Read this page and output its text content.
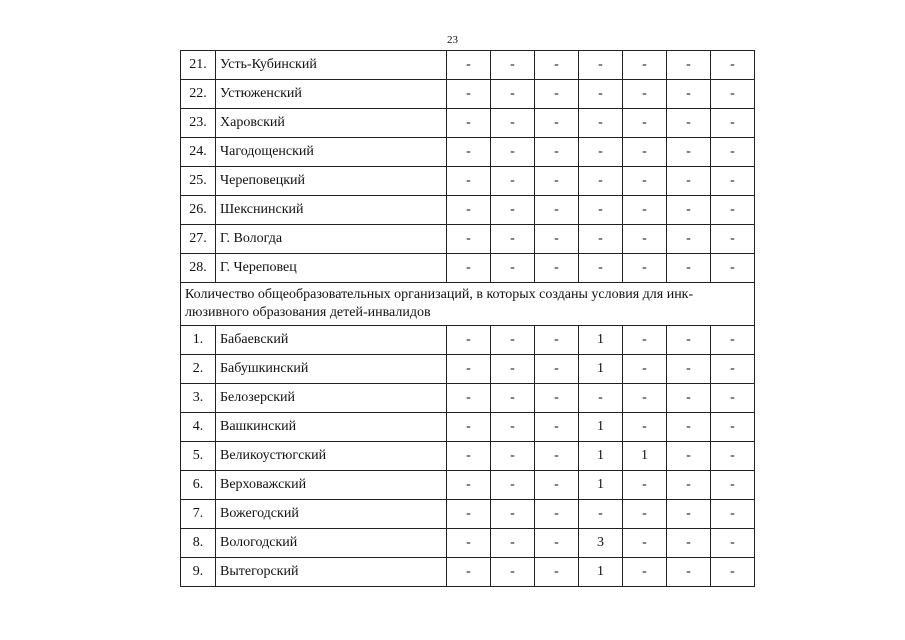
23
21.	Усть-Кубинский	-	-	-	-	-	-	-
22.	Устюженский	-	-	-	-	-	-	-
23.	Харовский	-	-	-	-	-	-	-
24.	Чагодощенский	-	-	-	-	-	-	-
25.	Череповецкий	-	-	-	-	-	-	-
26.	Шекснинский	-	-	-	-	-	-	-
27.	Г. Вологда	-	-	-	-	-	-	-
28.	Г. Череповец	-	-	-	-	-	-	-
Количество общеобразовательных организаций, в которых созданы условия для инк-люзивного образования детей-инвалидов								
1.	Бабаевский	-	-	-	1	-	-	-
2.	Бабушкинский	-	-	-	1	-	-	-
3.	Белозерский	-	-	-	-	-	-	-
4.	Вашкинский	-	-	-	1	-	-	-
5.	Великоустюгский	-	-	-	1	1	-	-
6.	Верховажский	-	-	-	1	-	-	-
7.	Вожегодский	-	-	-	-	-	-	-
8.	Вологодский	-	-	-	3	-	-	-
9.	Вытегорский	-	-	-	1	-	-	-
